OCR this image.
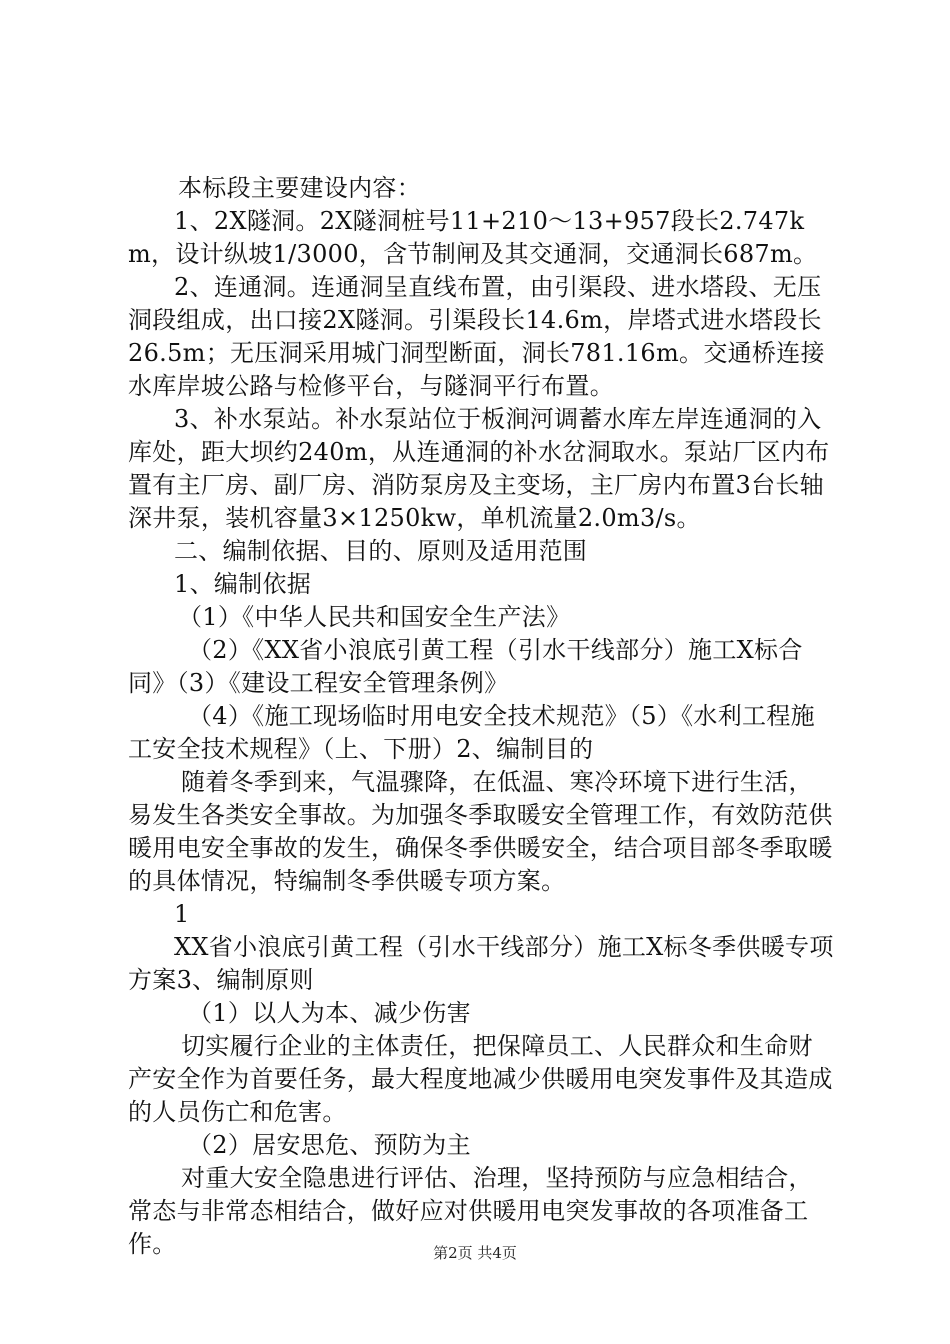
本标段主要建设内容：
1、2X隧洞。2X隧洞桩号11+210～13+957段长2.747km，设计纵坡1/3000，含节制闸及其交通洞，交通洞长687m。
2、连通洞。连通洞呈直线布置，由引渠段、进水塔段、无压洞段组成，出口接2X隧洞。引渠段长14.6m，岸塔式进水塔段长26.5m；无压洞采用城门洞型断面，洞长781.16m。交通桥连接水库岸坡公路与检修平台，与隧洞平行布置。
3、补水泵站。补水泵站位于板涧河调蓄水库左岸连通洞的入库处，距大坝约240m，从连通洞的补水岔洞取水。泵站厂区内布置有主厂房、副厂房、消防泵房及主变场，主厂房内布置3台长轴深井泵，装机容量3×1250kw，单机流量2.0m3/s。
二、编制依据、目的、原则及适用范围
1、编制依据
（1）《中华人民共和国安全生产法》
（2）《XX省小浪底引黄工程（引水干线部分）施工X标合同》（3）《建设工程安全管理条例》
（4）《施工现场临时用电安全技术规范》（5）《水利工程施工安全技术规程》（上、下册）2、编制目的
随着冬季到来，气温骤降，在低温、寒冷环境下进行生活，易发生各类安全事故。为加强冬季取暖安全管理工作，有效防范供暖用电安全事故的发生，确保冬季供暖安全，结合项目部冬季取暖的具体情况，特编制冬季供暖专项方案。
1
XX省小浪底引黄工程（引水干线部分）施工X标冬季供暖专项方案3、编制原则
（1）以人为本、减少伤害
切实履行企业的主体责任，把保障员工、人民群众和生命财产安全作为首要任务，最大程度地减少供暖用电突发事件及其造成的人员伤亡和危害。
（2）居安思危、预防为主
对重大安全隐患进行评估、治理，坚持预防与应急相结合，常态与非常态相结合，做好应对供暖用电突发事故的各项准备工作。	第2页 共4页
